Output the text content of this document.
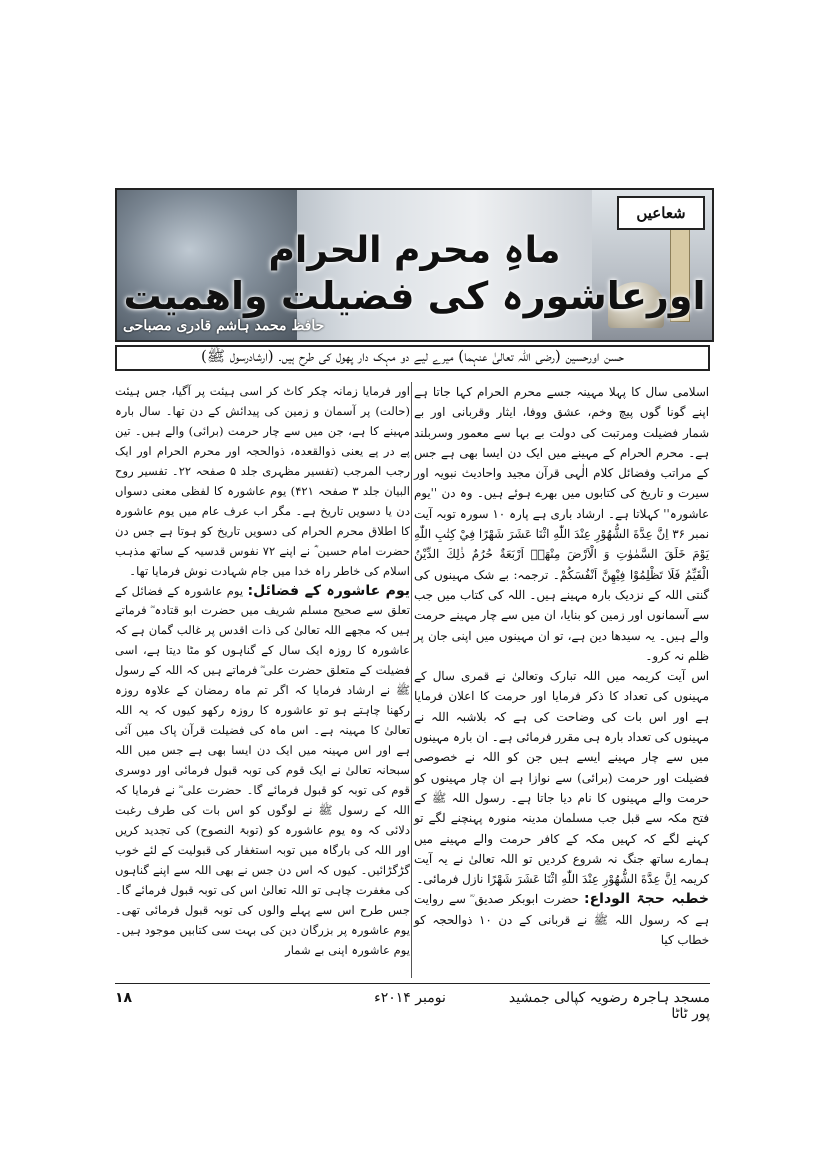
شعاعیں
ماہِ محرم الحرام
اورعاشورہ کی فضیلت واھمیت
حافظ محمد ہاشم قادری مصباحی
حسن اورحسین (رضی اللہ تعالیٰ عنہما) میرے لیے دو مہک دار پھول کی طرح ہیں۔ (ارشادرسول ﷺ)

اسلامی سال کا پہلا مہینہ جسے محرم الحرام کہا جاتا ہے اپنے گونا گوں پیچ وخم، عشق ووفا، ایثار وقربانی اور بے شمار فضیلت ومرتبت کی دولت بے بہا سے معمور وسربلند ہے۔ محرم الحرام کے مہینے میں ایک دن ایسا بھی ہے جس کے مراتب وفضائل کلام الٰہی قرآن مجید واحادیث نبویہ اور سیرت و تاریخ کی کتابوں میں بھرے ہوئے ہیں۔ وہ دن ''یوم عاشورہ'' کہلاتا ہے۔ ارشاد باری ہے پارہ ۱۰ سورہ توبہ آیت نمبر ۳۶ اِنَّ عِدَّةَ الشُّهُوْرِ عِنْدَ اللّٰهِ اثْنَا عَشَرَ شَهْرًا فِيْ كِتٰبِ اللّٰهِ يَوْمَ خَلَقَ السَّمٰوٰتِ وَ الْاَرْضَ مِنْهَاۤ اَرْبَعَةٌ حُرُمٌ ذٰلِكَ الدِّيْنُ الْقَيِّمُ فَلَا تَظْلِمُوْا فِيْهِنَّ اَنْفُسَكُمْ۔ ترجمہ: بے شک مہینوں کی گنتی اللہ کے نزدیک بارہ مہینے ہیں۔ اللہ کی کتاب میں جب سے آسمانوں اور زمین کو بنایا، ان میں سے چار مہینے حرمت والے ہیں۔ یہ سیدھا دین ہے، تو ان مہینوں میں اپنی جان پر ظلم نہ کرو۔

اس آیت کریمہ میں اللہ تبارک وتعالیٰ نے قمری سال کے مہینوں کی تعداد کا ذکر فرمایا اور حرمت کا اعلان فرمایا ہے اور اس بات کی وضاحت کی ہے کہ بلاشبہ اللہ نے مہینوں کی تعداد بارہ ہی مقرر فرمائی ہے۔ ان بارہ مہینوں میں سے چار مہینے ایسے ہیں جن کو اللہ نے خصوصی فضیلت اور حرمت (برائی) سے نوازا ہے ان چار مہینوں کو حرمت والے مہینوں کا نام دیا جاتا ہے۔ رسول اللہ ﷺ کے فتح مکہ سے قبل جب مسلمان مدینہ منورہ پہنچنے لگے تو کہنے لگے کہ کہیں مکہ کے کافر حرمت والے مہینے میں ہمارے ساتھ جنگ نہ شروع کردیں تو اللہ تعالیٰ نے یہ آیت کریمہ اِنَّ عِدَّةَ الشُّهُوْرِ عِنْدَ اللّٰهِ اثْنَا عَشَرَ شَهْرًا نازل فرمائی۔

خطبہ حجۃ الوداع: حضرت ابوبکر صدیق ؓ سے روایت ہے کہ رسول اللہ ﷺ نے قربانی کے دن ۱۰ ذوالحجہ کو خطاب کیا

اور فرمایا زمانہ چکر کاٹ کر اسی ہیئت پر آگیا، جس ہیئت (حالت) پر آسمان و زمین کی پیدائش کے دن تھا۔ سال بارہ مہینے کا ہے، جن میں سے چار حرمت (برائی) والے ہیں۔ تین پے در پے یعنی ذوالقعدہ، ذوالحجہ اور محرم الحرام اور ایک رجب المرجب (تفسیر مظہری جلد ۵ صفحہ ۲۲۔ تفسیر روح البیان جلد ۳ صفحہ ۴۲۱) یوم عاشورہ کا لفظی معنی دسواں دن یا دسویں تاریخ ہے۔ مگر اب عرف عام میں یوم عاشورہ کا اطلاق محرم الحرام کی دسویں تاریخ کو ہوتا ہے جس دن حضرت امام حسین ؓ نے اپنے ۷۲ نفوس قدسیہ کے ساتھ مذہب اسلام کی خاطر راہ خدا میں جام شہادت نوش فرمایا تھا۔

یوم عاشورہ کے فضائل: یوم عاشورہ کے فضائل کے تعلق سے صحیح مسلم شریف میں حضرت ابو قتادہ ؓ فرماتے ہیں کہ مجھے اللہ تعالیٰ کی ذات اقدس پر غالب گمان ہے کہ عاشورہ کا روزہ ایک سال کے گناہوں کو مٹا دیتا ہے، اسی فضیلت کے متعلق حضرت علی ؓ فرماتے ہیں کہ اللہ کے رسول ﷺ نے ارشاد فرمایا کہ اگر تم ماہ رمضان کے علاوہ روزہ رکھنا چاہتے ہو تو عاشورہ کا روزہ رکھو کیوں کہ یہ اللہ تعالیٰ کا مہینہ ہے۔ اس ماہ کی فضیلت قرآن پاک میں آئی ہے اور اس مہینہ میں ایک دن ایسا بھی ہے جس میں اللہ سبحانہ تعالیٰ نے ایک قوم کی توبہ قبول فرمائی اور دوسری قوم کی توبہ کو قبول فرمائے گا۔ حضرت علی ؓ نے فرمایا کہ اللہ کے رسول ﷺ نے لوگوں کو اس بات کی طرف رغبت دلائی کہ وہ یوم عاشورہ کو (توبۃ النصوح) کی تجدید کریں اور اللہ کی بارگاہ میں توبہ استغفار کی قبولیت کے لئے خوب گڑگڑائیں۔ کیوں کہ اس دن جس نے بھی اللہ سے اپنے گناہوں کی مغفرت چاہی تو اللہ تعالیٰ اس کی توبہ قبول فرمائے گا۔ جس طرح اس سے پہلے والوں کی توبہ قبول فرمائی تھی۔ یوم عاشورہ پر بزرگان دین کی بہت سی کتابیں موجود ہیں۔ یوم عاشورہ اپنی بے شمار

مسجد ہاجرہ رضویہ کپالی جمشید پور ٹاٹا
نومبر ۲۰۱۴ء
۱۸
